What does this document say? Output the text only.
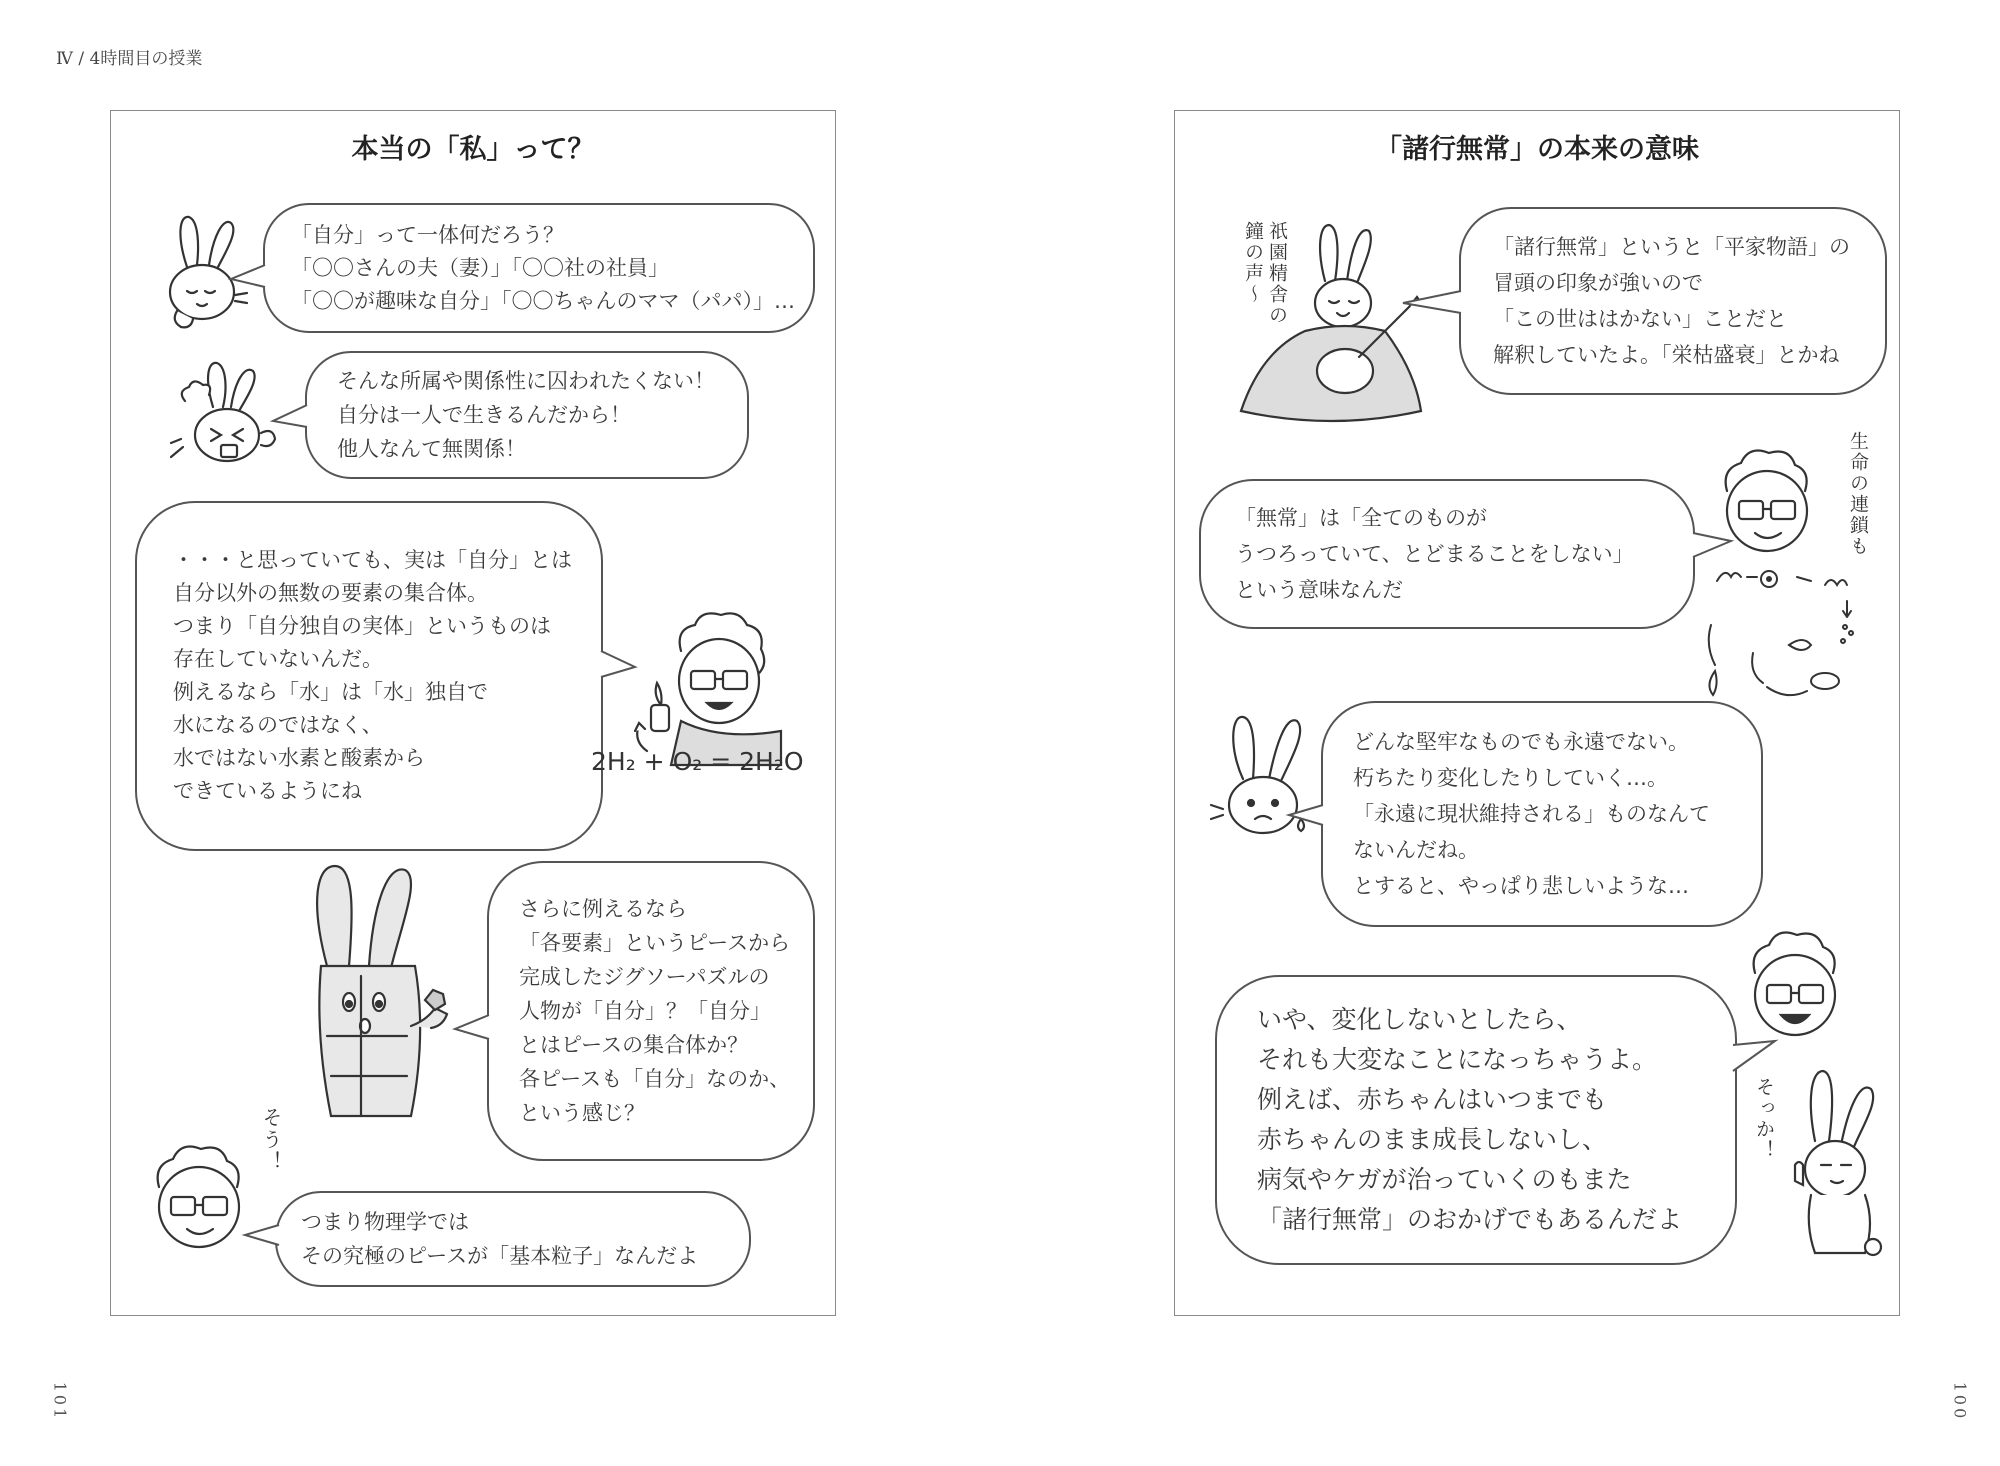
Ⅳ / 4時間目の授業
本当の「私」って？
「自分」って一体何だろう？
「〇〇さんの夫（妻）」「〇〇社の社員」
「〇〇が趣味な自分」「〇〇ちゃんのママ（パパ）」…
そんな所属や関係性に囚われたくない！
自分は一人で生きるんだから！
他人なんて無関係！
・・・と思っていても、実は「自分」とは
自分以外の無数の要素の集合体。
つまり「自分独自の実体」というものは
存在していないんだ。
例えるなら「水」は「水」独自で
水になるのではなく、
水ではない水素と酸素から
できているようにね
2H₂ + O₂ = 2H₂O
さらに例えるなら
「各要素」というピースから
完成したジグソーパズルの
人物が「自分」？「自分」
とはピースの集合体か？
各ピースも「自分」なのか、
という感じ？
そう！
つまり物理学では
その究極のピースが「基本粒子」なんだよ
「諸行無常」の本来の意味
祇園精舎の鐘の声～	「諸行無常」というと「平家物語」の
冒頭の印象が強いので
「この世ははかない」ことだと
解釈していたよ。「栄枯盛衰」とかね
生命の連鎖も
「無常」は「全てのものが
うつろっていて、とどまることをしない」
という意味なんだ
どんな堅牢なものでも永遠でない。
朽ちたり変化したりしていく…。
「永遠に現状維持される」ものなんて
ないんだね。
とすると、やっぱり悲しいような…
いや、変化しないとしたら、
それも大変なことになっちゃうよ。
例えば、赤ちゃんはいつまでも
赤ちゃんのまま成長しないし、
病気やケガが治っていくのもまた
「諸行無常」のおかげでもあるんだよ
そっか！
101	100
